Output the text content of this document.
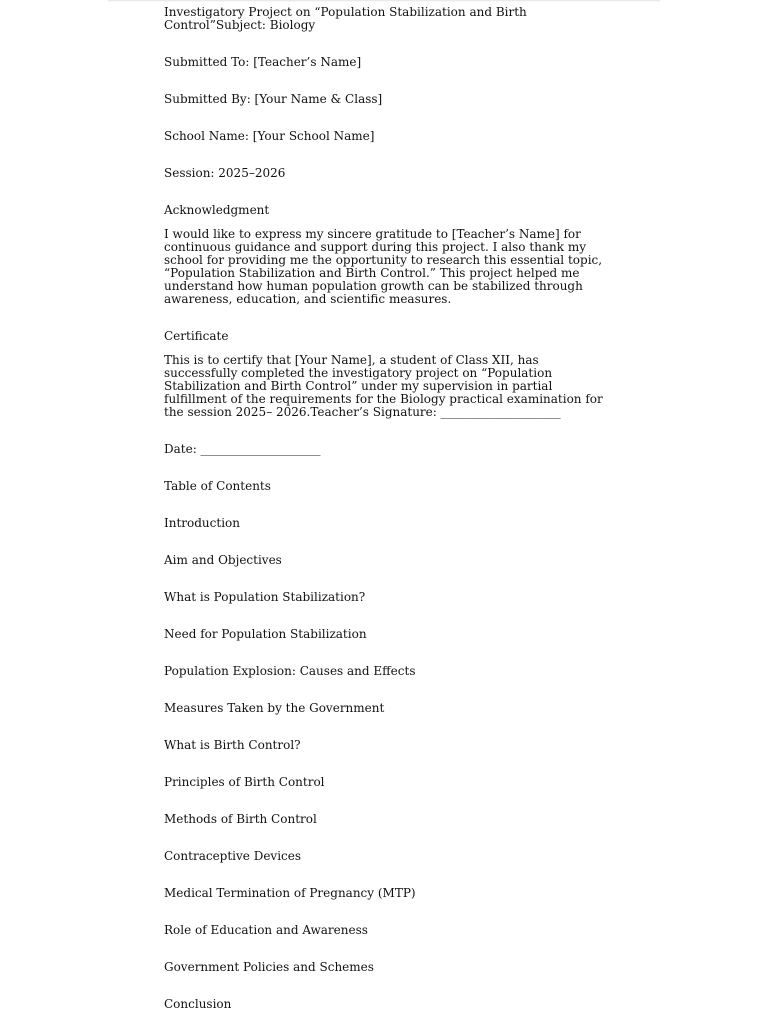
Investigatory Project on “Population Stabilization and Birth Control”Subject: Biology

Submitted To: [Teacher’s Name]

Submitted By: [Your Name & Class]

School Name: [Your School Name]

Session: 2025–2026

Acknowledgment

I would like to express my sincere gratitude to [Teacher’s Name] for continuous guidance and support during this project. I also thank my school for providing me the opportunity to research this essential topic, “Population Stabilization and Birth Control.” This project helped me understand how human population growth can be stabilized through awareness, education, and scientific measures.

Certificate

This is to certify that [Your Name], a student of Class XII, has successfully completed the investigatory project on “Population Stabilization and Birth Control” under my supervision in partial fulfillment of the requirements for the Biology practical examination for the session 2025– 2026.Teacher’s Signature: ____________________

Date: ____________________

Table of Contents

Introduction
Aim and Objectives
What is Population Stabilization?
Need for Population Stabilization
Population Explosion: Causes and Effects
Measures Taken by the Government
What is Birth Control?
Principles of Birth Control
Methods of Birth Control
Contraceptive Devices
Medical Termination of Pregnancy (MTP)
Role of Education and Awareness
Government Policies and Schemes
Conclusion
